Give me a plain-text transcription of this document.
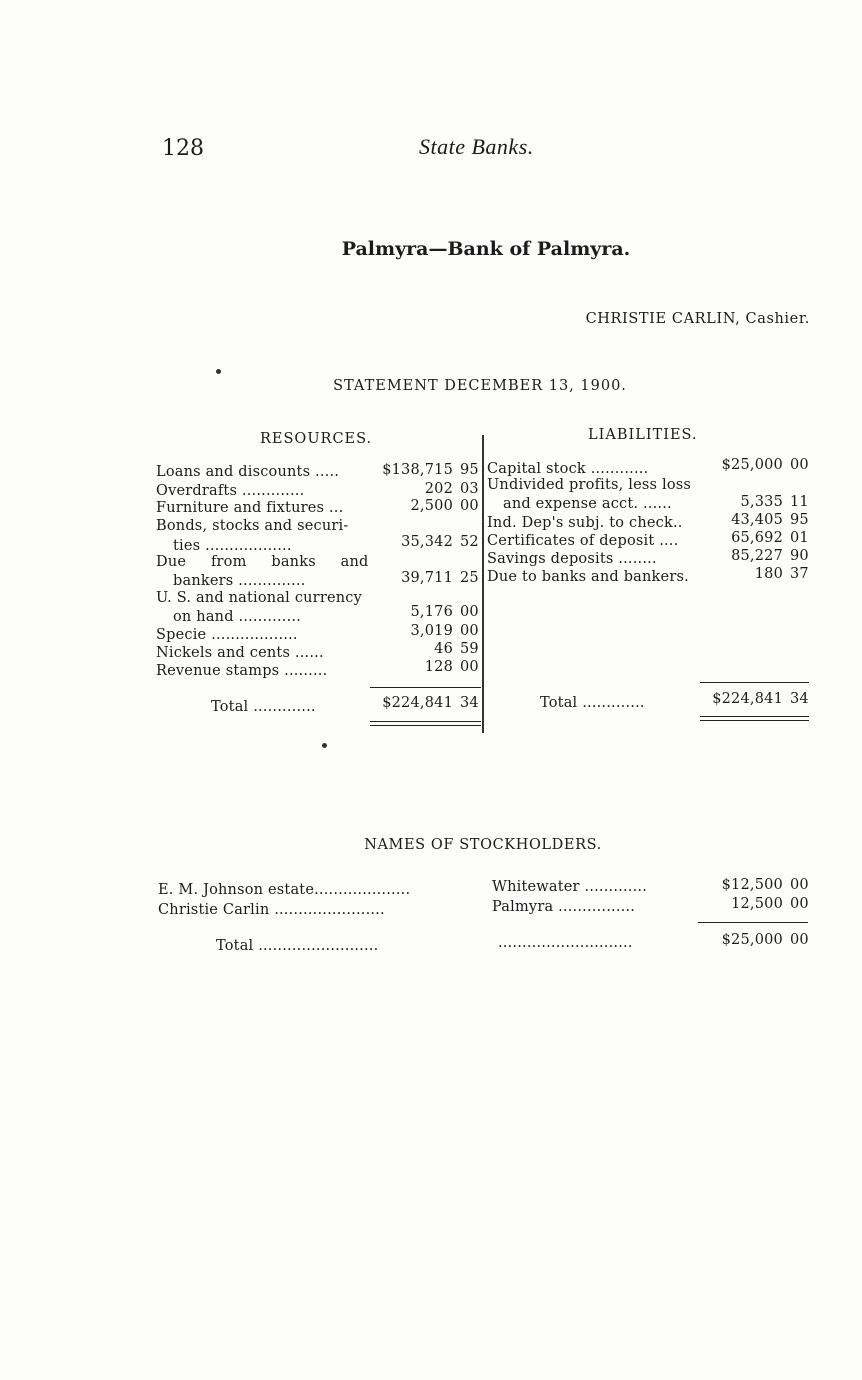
128	State Banks.
Palmyra—Bank of Palmyra.
CHRISTIE CARLIN, Cashier.
STATEMENT DECEMBER 13, 1900.
RESOURCES.
Loans and discounts .....	$138,715 95
Overdrafts .............	202 03
Furniture and fixtures ...	2,500 00
Bonds, stocks and securi-
ties ..................	35,342 52
Due from banks and
bankers ..............	39,711 25
U. S. and national currency
on hand .............	5,176 00
Specie ..................	3,019 00
Nickels and cents ......	46 59
Revenue stamps .........	128 00
Total .............	$224,841 34
LIABILITIES.
Capital stock ............	$25,000 00
Undivided profits, less loss
and expense acct. ......	5,335 11
Ind. Dep's subj. to check..	43,405 95
Certificates of deposit ....	65,692 01
Savings deposits ........	85,227 90
Due to banks and bankers.	180 37
Total .............	$224,841 34
NAMES OF STOCKHOLDERS.
E. M. Johnson estate....................	Whitewater .............	$12,500 00
Christie Carlin .......................	Palmyra ................	12,500 00
Total .........................	............................	$25,000 00
